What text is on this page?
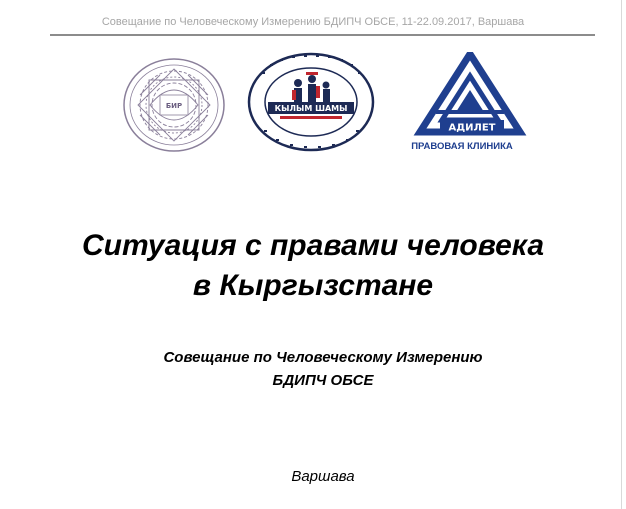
Совещание по Человеческому Измерению БДИПЧ ОБСЕ, 11-22.09.2017, Варшава
БИР	КЫЛЫМ ШАМЫ
АДИЛЕТ
ПРАВОВАЯ КЛИНИКА
Ситуация с правами человека
в Кыргызстане
Совещание по Человеческому Измерению
БДИПЧ ОБСЕ
Варшава
